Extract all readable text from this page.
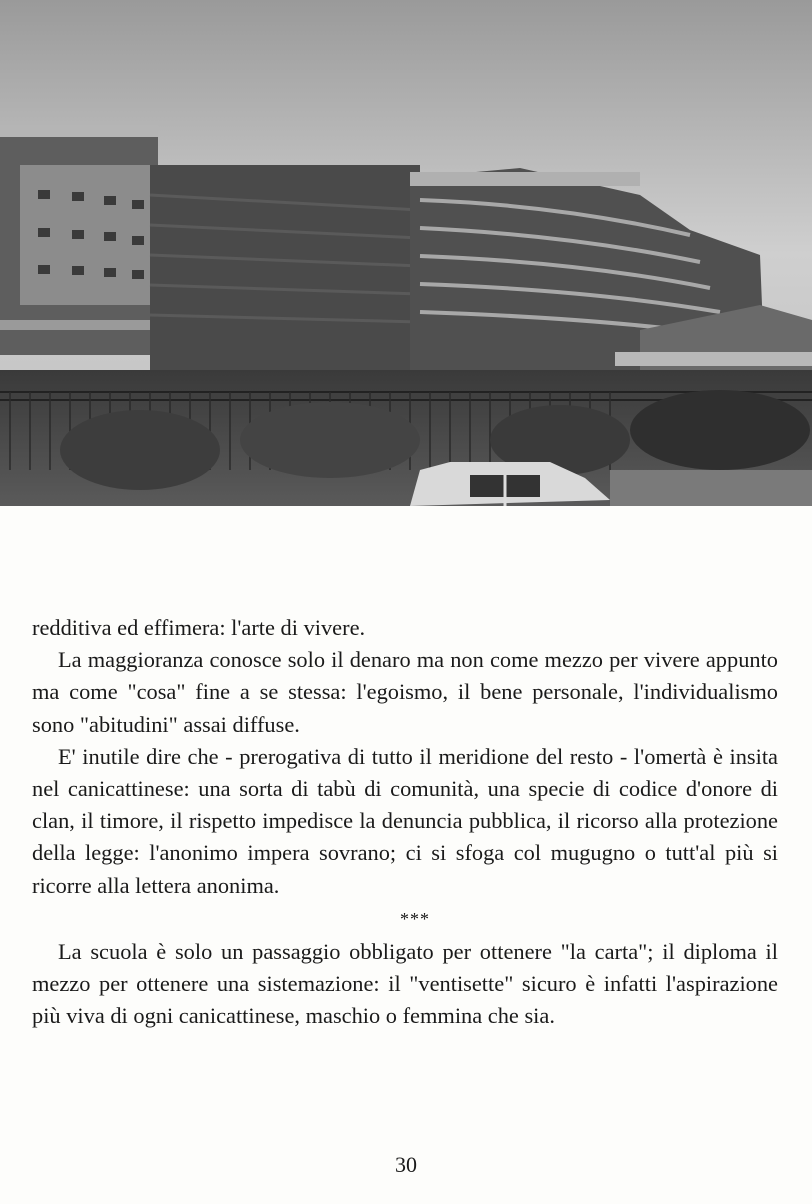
redditiva ed effimera: l'arte di vivere.

La maggioranza conosce solo il denaro ma non come mezzo per vivere appunto ma come "cosa" fine a se stessa: l'egoismo, il bene personale, l'individualismo sono "abitudini" assai diffuse.

E' inutile dire che - prerogativa di tutto il meridione del resto - l'omertà è insita nel canicattinese: una sorta di tabù di comunità, una specie di codice d'onore di clan, il timore, il rispetto impedisce la denuncia pubblica, il ricorso alla protezione della legge: l'anonimo impera sovrano; ci si sfoga col mugugno o tutt'al più si ricorre alla lettera anonima.

***

La scuola è solo un passaggio obbligato per ottenere "la carta"; il diploma il mezzo per ottenere una sistemazione: il "ventisette" sicuro è infatti l'aspirazione più viva di ogni canicattinese, maschio o femmina che sia.

30
